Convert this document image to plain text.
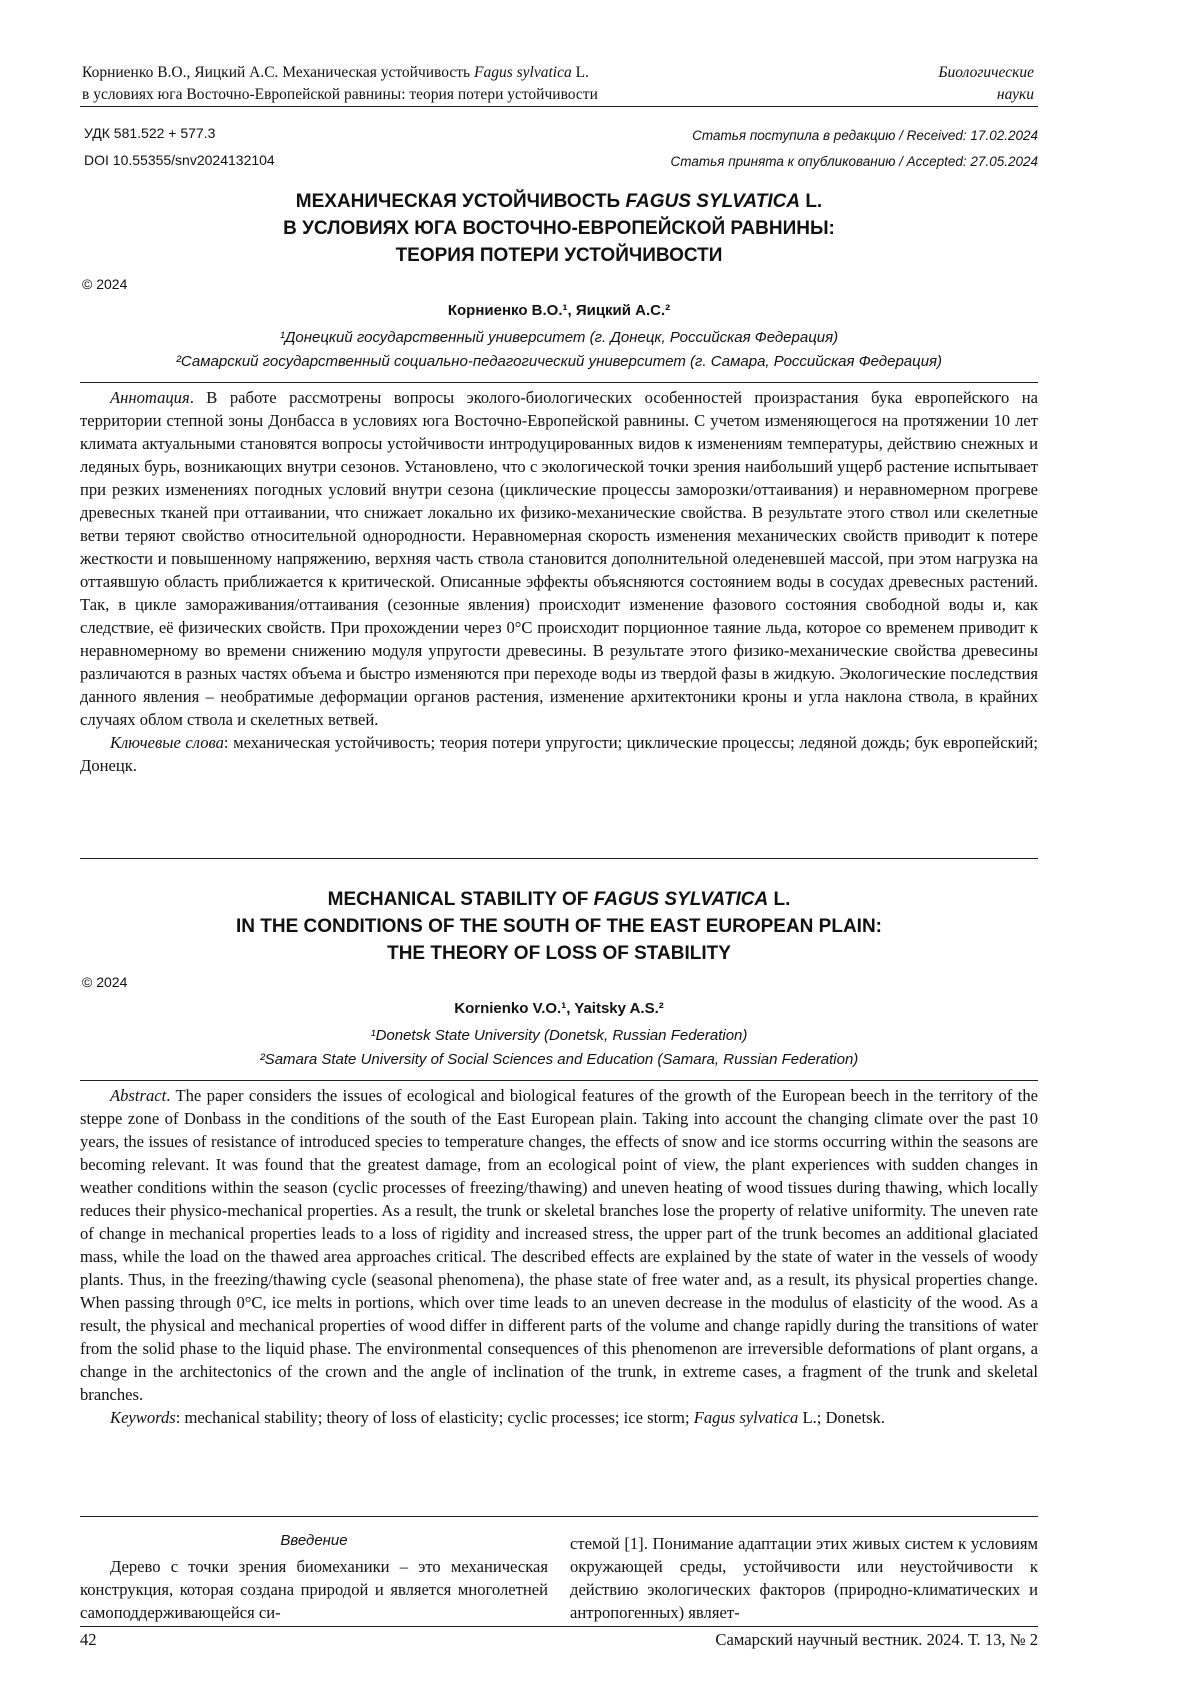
Корниенко В.О., Яицкий А.С. Механическая устойчивость Fagus sylvatica L.
в условиях юга Восточно-Европейской равнины: теория потери устойчивости
Биологические
науки
УДК 581.522 + 577.3
DOI 10.55355/snv2024132104
Статья поступила в редакцию / Received: 17.02.2024
Статья принята к опубликованию / Accepted: 27.05.2024
МЕХАНИЧЕСКАЯ УСТОЙЧИВОСТЬ FAGUS SYLVATICA L.
В УСЛОВИЯХ ЮГА ВОСТОЧНО-ЕВРОПЕЙСКОЙ РАВНИНЫ:
ТЕОРИЯ ПОТЕРИ УСТОЙЧИВОСТИ
© 2024
Корниенко В.О.¹, Яицкий А.С.²
¹Донецкий государственный университет (г. Донецк, Российская Федерация)
²Самарский государственный социально-педагогический университет (г. Самара, Российская Федерация)

Аннотация. В работе рассмотрены вопросы эколого-биологических особенностей произрастания бука европейского на территории степной зоны Донбасса в условиях юга Восточно-Европейской равнины. С учетом изменяющегося на протяжении 10 лет климата актуальными становятся вопросы устойчивости интродуцированных видов к изменениям температуры, действию снежных и ледяных бурь, возникающих внутри сезонов. Установлено, что с экологической точки зрения наибольший ущерб растение испытывает при резких изменениях погодных условий внутри сезона (циклические процессы заморозки/оттаивания) и неравномерном прогреве древесных тканей при оттаивании, что снижает локально их физико-механические свойства. В результате этого ствол или скелетные ветви теряют свойство относительной однородности. Неравномерная скорость изменения механических свойств приводит к потере жесткости и повышенному напряжению, верхняя часть ствола становится дополнительной оледеневшей массой, при этом нагрузка на оттаявшую область приближается к критической. Описанные эффекты объясняются состоянием воды в сосудах древесных растений. Так, в цикле замораживания/оттаивания (сезонные явления) происходит изменение фазового состояния свободной воды и, как следствие, её физических свойств. При прохождении через 0°С происходит порционное таяние льда, которое со временем приводит к неравномерному во времени снижению модуля упругости древесины. В результате этого физико-механические свойства древесины различаются в разных частях объема и быстро изменяются при переходе воды из твердой фазы в жидкую. Экологические последствия данного явления – необратимые деформации органов растения, изменение архитектоники кроны и угла наклона ствола, в крайних случаях облом ствола и скелетных ветвей.

Ключевые слова: механическая устойчивость; теория потери упругости; циклические процессы; ледяной дождь; бук европейский; Донецк.

MECHANICAL STABILITY OF FAGUS SYLVATICA L.
IN THE CONDITIONS OF THE SOUTH OF THE EAST EUROPEAN PLAIN:
THE THEORY OF LOSS OF STABILITY
© 2024
Kornienko V.O.¹, Yaitsky A.S.²
¹Donetsk State University (Donetsk, Russian Federation)
²Samara State University of Social Sciences and Education (Samara, Russian Federation)

Abstract. The paper considers the issues of ecological and biological features of the growth of the European beech in the territory of the steppe zone of Donbass in the conditions of the south of the East European plain. Taking into account the changing climate over the past 10 years, the issues of resistance of introduced species to temperature changes, the effects of snow and ice storms occurring within the seasons are becoming relevant. It was found that the greatest damage, from an ecological point of view, the plant experiences with sudden changes in weather conditions within the season (cyclic processes of freezing/thawing) and uneven heating of wood tissues during thawing, which locally reduces their physico-mechanical properties. As a result, the trunk or skeletal branches lose the property of relative uniformity. The uneven rate of change in mechanical properties leads to a loss of rigidity and increased stress, the upper part of the trunk becomes an additional glaciated mass, while the load on the thawed area approaches critical. The described effects are explained by the state of water in the vessels of woody plants. Thus, in the freezing/thawing cycle (seasonal phenomena), the phase state of free water and, as a result, its physical properties change. When passing through 0°C, ice melts in portions, which over time leads to an uneven decrease in the modulus of elasticity of the wood. As a result, the physical and mechanical properties of wood differ in different parts of the volume and change rapidly during the transitions of water from the solid phase to the liquid phase. The environmental consequences of this phenomenon are irreversible deformations of plant organs, a change in the architectonics of the crown and the angle of inclination of the trunk, in extreme cases, a fragment of the trunk and skeletal branches.

Keywords: mechanical stability; theory of loss of elasticity; cyclic processes; ice storm; Fagus sylvatica L.; Donetsk.

Введение
Дерево с точки зрения биомеханики – это механическая конструкция, которая создана природой и является многолетней самоподдерживающейся си-
стемой [1]. Понимание адаптации этих живых систем к условиям окружающей среды, устойчивости или неустойчивости к действию экологических факторов (природно-климатических и антропогенных) являет-
42	Самарский научный вестник. 2024. Т. 13, № 2
